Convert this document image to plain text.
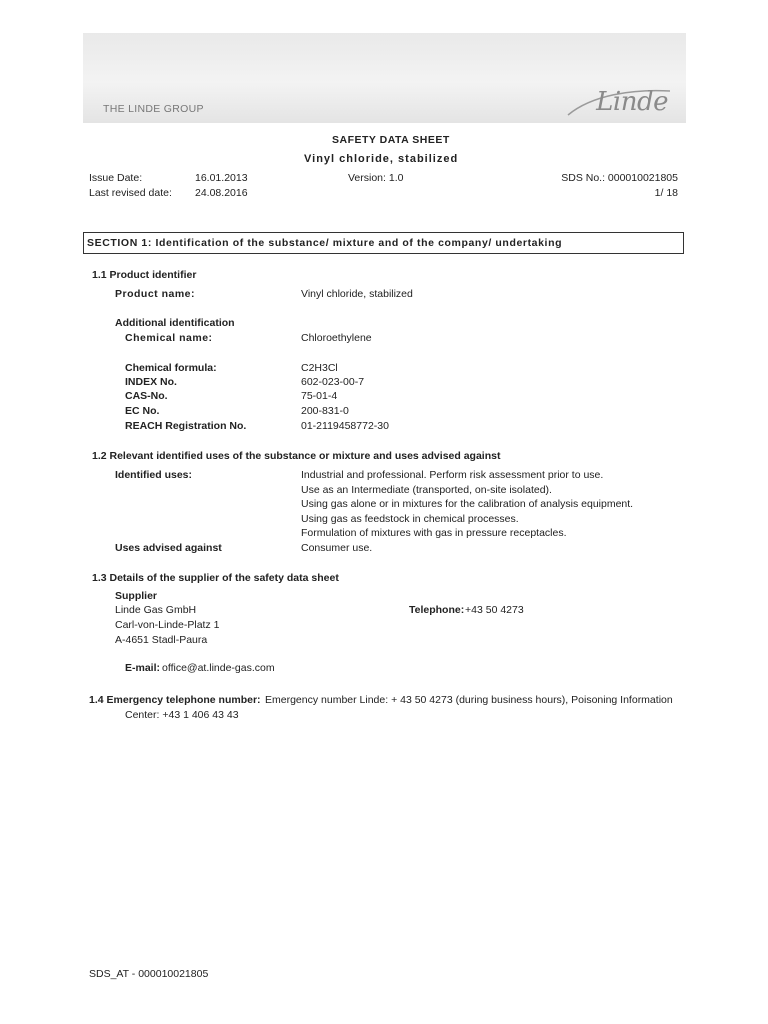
THE LINDE GROUP	Linde
SAFETY DATA SHEET
Vinyl chloride, stabilized
Issue Date:	16.01.2013	Version: 1.0	SDS No.: 000010021805
Last revised date: 24.08.2016	1/ 18
SECTION 1: Identification of the substance/ mixture and of the company/ undertaking
1.1 Product identifier
Product name:	Vinyl chloride, stabilized
Additional identification
Chemical name:	Chloroethylene
Chemical formula:	C2H3Cl
INDEX No.	602-023-00-7
CAS-No.	75-01-4
EC No.	200-831-0
REACH Registration No.	01-2119458772-30
1.2 Relevant identified uses of the substance or mixture and uses advised against
Identified uses:	Industrial and professional. Perform risk assessment prior to use.
Use as an Intermediate (transported, on-site isolated).
Using gas alone or in mixtures for the calibration of analysis equipment.
Using gas as feedstock in chemical processes.
Formulation of mixtures with gas in pressure receptacles.
Uses advised against	Consumer use.
1.3 Details of the supplier of the safety data sheet
Supplier
Linde Gas GmbH
Carl-von-Linde-Platz 1
A-4651 Stadl-Paura
Telephone: +43 50 4273
E-mail: office@at.linde-gas.com
1.4 Emergency telephone number: Emergency number Linde: + 43 50 4273 (during business hours), Poisoning Information
Center: +43 1 406 43 43
SDS_AT - 000010021805
